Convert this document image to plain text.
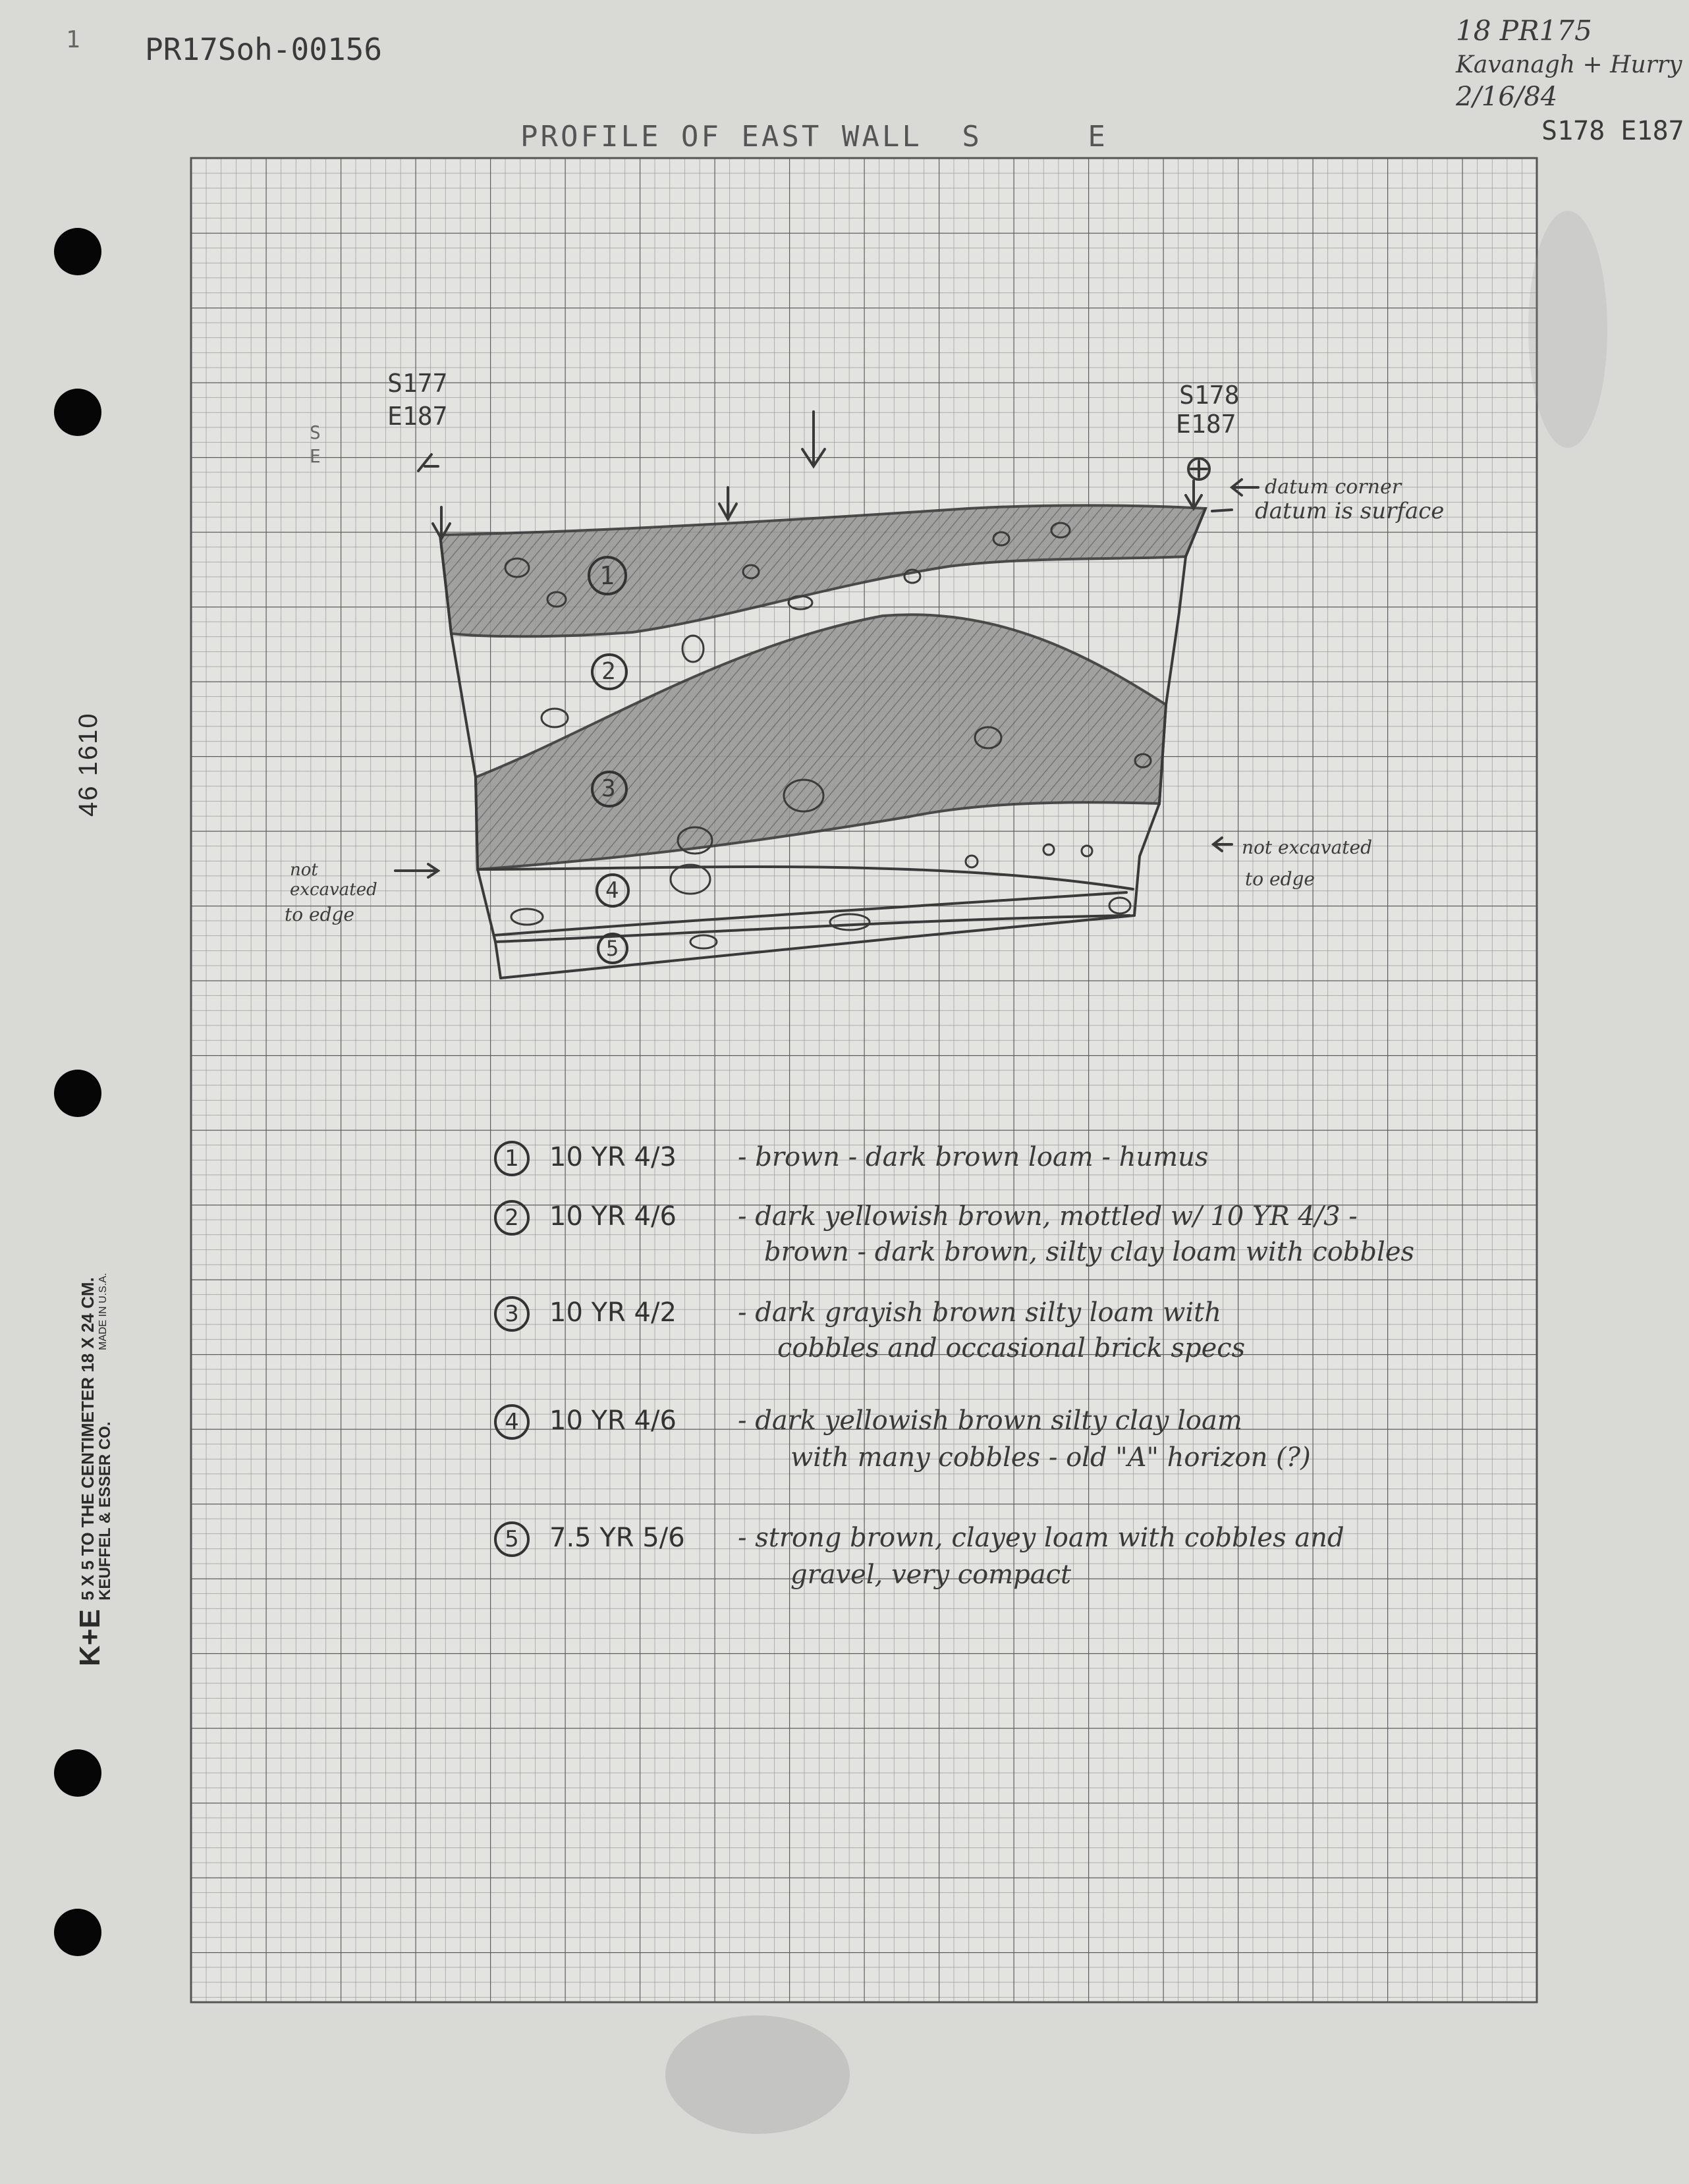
1 PR17Soh-00156
18 PR175
Kavanagh + Hurry
2/16/84
PROFILE OF EAST WALL S	E	S178 E187
46 1610
K+E
5 X 5 TO THE CENTIMETER 18 X 24 CM.
KEUFFEL & ESSER CO.
MADE IN U.S.A.
1
2
3
4
5
S177
E187
S178
E187
S
E
datum corner
datum is surface
not
excavated
to edge
not excavated
to edge
1	10 YR 4/3 - brown - dark brown loam - humus
2	10 YR 4/6 - dark yellowish brown, mottled w/ 10 YR 4/3 -
brown - dark brown, silty clay loam with cobbles
3	10 YR 4/2 - dark grayish brown silty loam with
cobbles and occasional brick specs
4	10 YR 4/6 - dark yellowish brown silty clay loam
with many cobbles - old "A" horizon (?)
5	7.5 YR 5/6 - strong brown, clayey loam with cobbles and
gravel, very compact
